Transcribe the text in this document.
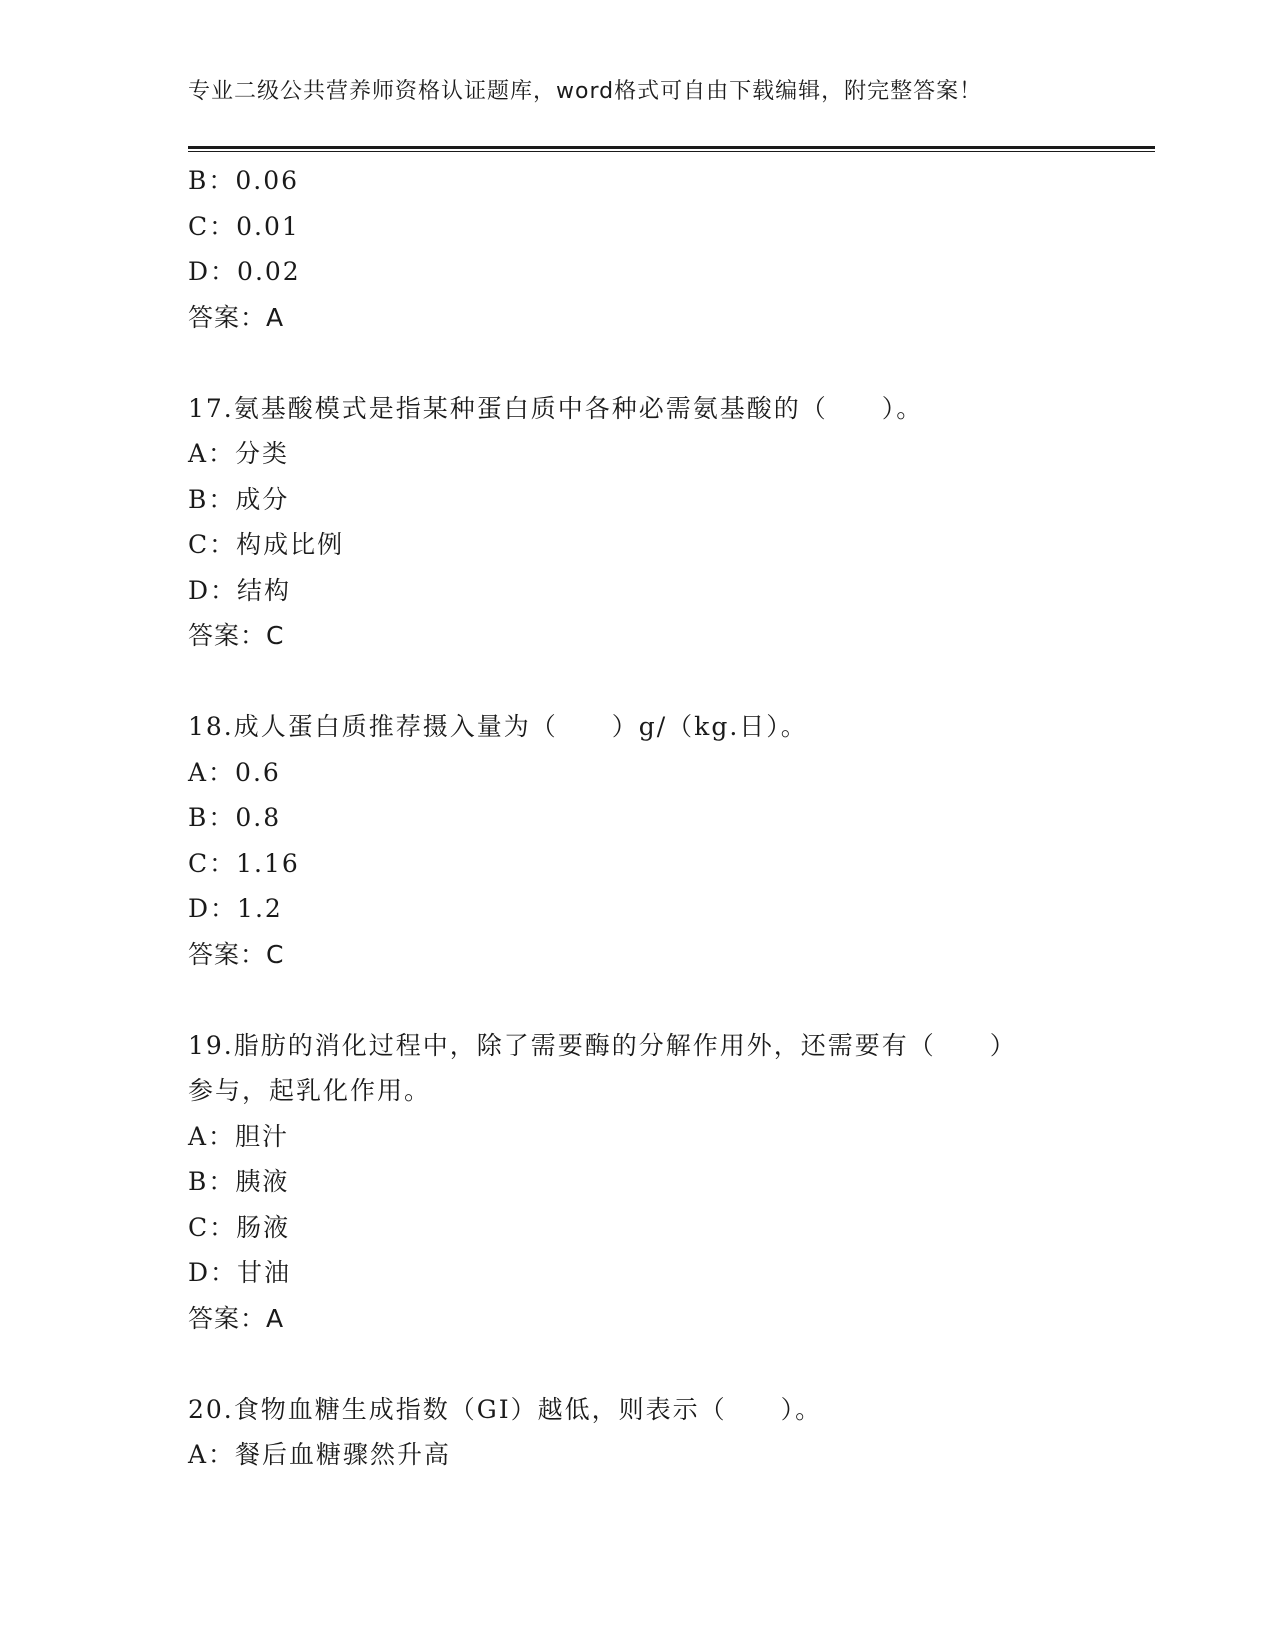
专业二级公共营养师资格认证题库，word格式可自由下载编辑，附完整答案！
B：0.06
C：0.01
D：0.02
答案：A
17.氨基酸模式是指某种蛋白质中各种必需氨基酸的（　　）。
A：分类
B：成分
C：构成比例
D：结构
答案：C
18.成人蛋白质推荐摄入量为（　　）g/（kg.日）。
A：0.6
B：0.8
C：1.16
D：1.2
答案：C
19.脂肪的消化过程中，除了需要酶的分解作用外，还需要有（　　）
参与，起乳化作用。
A：胆汁
B：胰液
C：肠液
D：甘油
答案：A
20.食物血糖生成指数（GI）越低，则表示（　　）。
A：餐后血糖骤然升高
